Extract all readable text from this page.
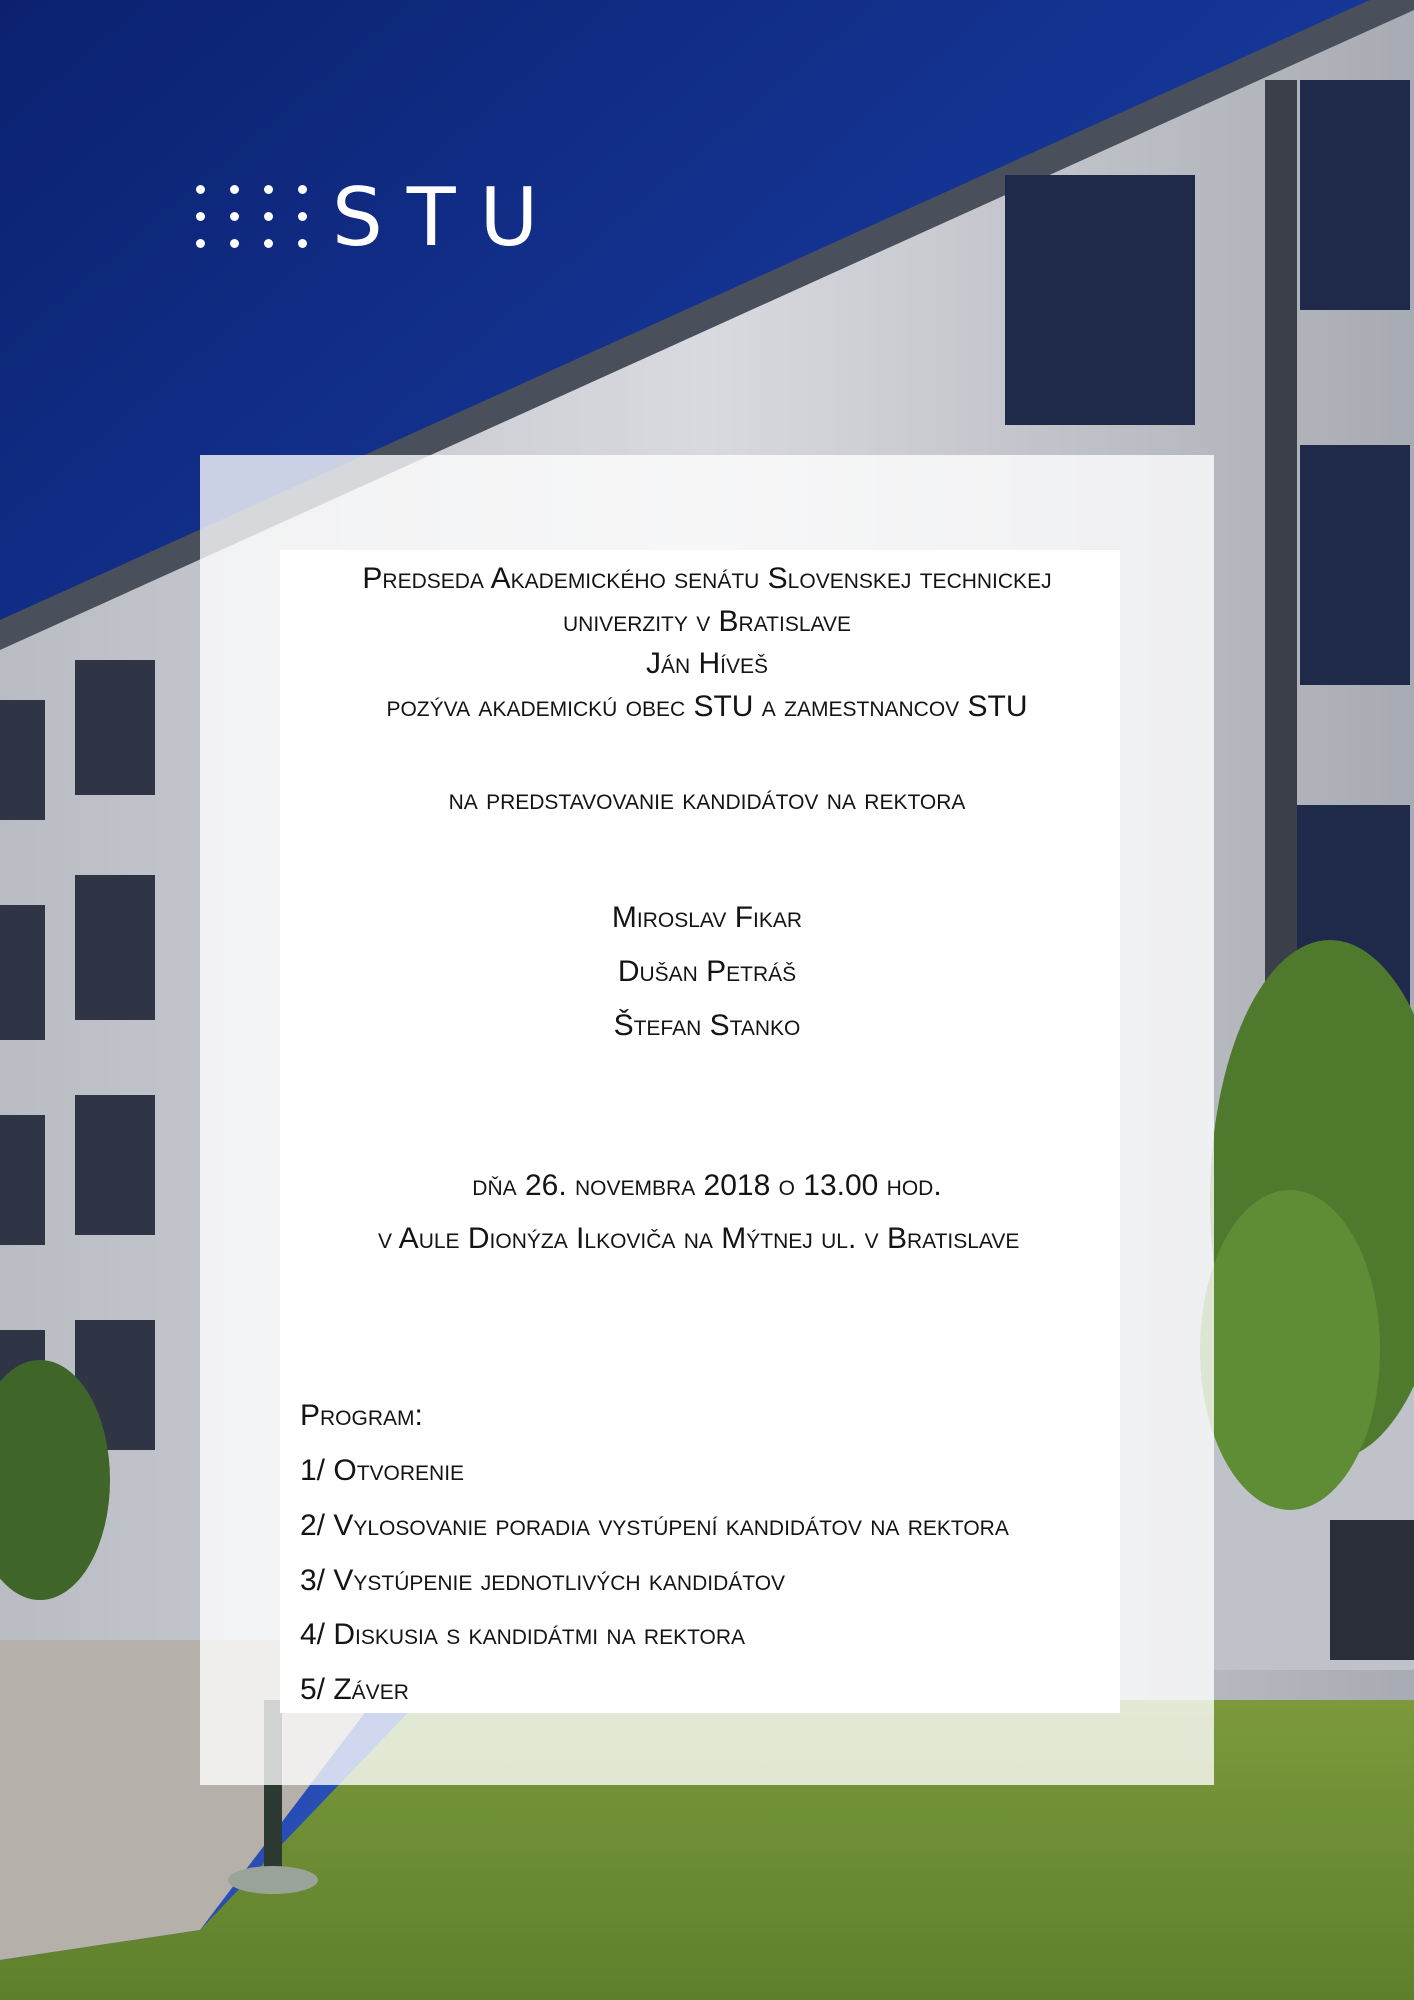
STU
Predseda Akademického senátu Slovenskej technickej
univerzity v Bratislave
Ján Híveš
pozýva akademickú obec STU a zamestnancov STU
na predstavovanie kandidátov na rektora
Miroslav Fikar
Dušan Petráš
Štefan Stanko
dňa 26. novembra 2018 o 13.00 hod.
v Aule Dionýza Ilkoviča na Mýtnej ul. v Bratislave
Program:
1/ Otvorenie
2/ Vylosovanie poradia vystúpení kandidátov na rektora
3/ Vystúpenie jednotlivých kandidátov
4/ Diskusia s kandidátmi na rektora
5/ Záver
